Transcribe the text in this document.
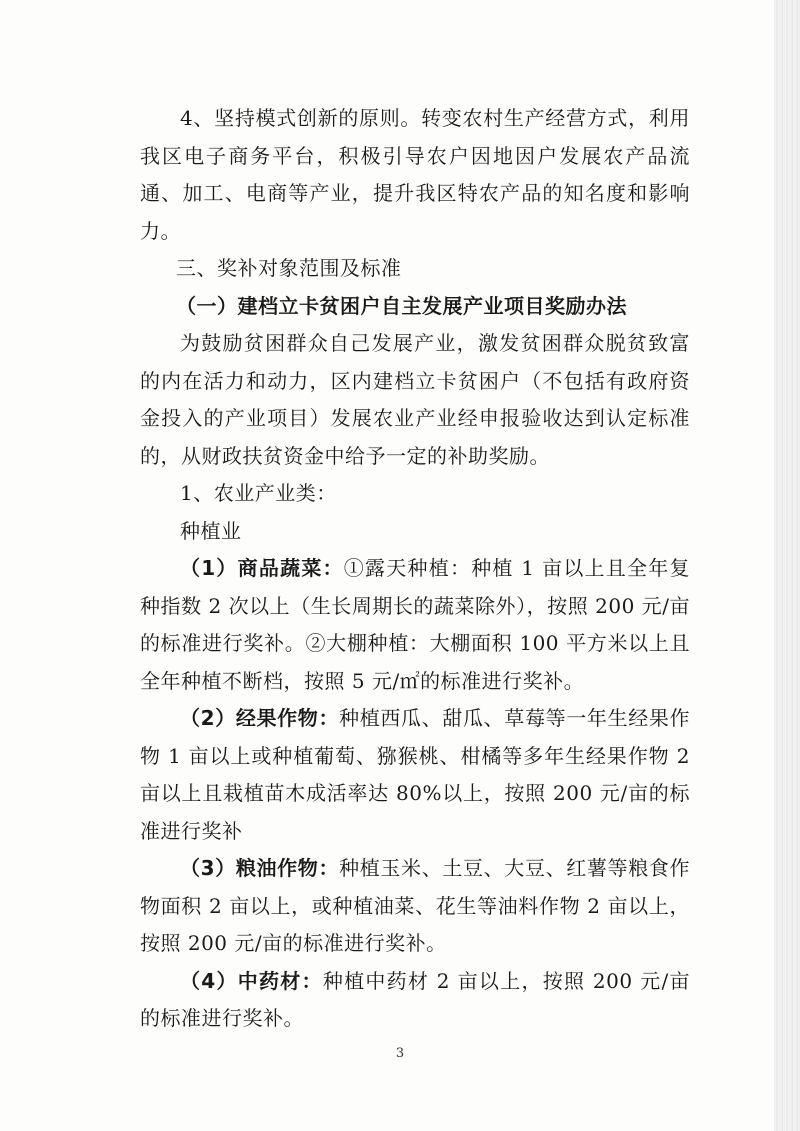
4、坚持模式创新的原则。转变农村生产经营方式，利用我区电子商务平台，积极引导农户因地因户发展农产品流通、加工、电商等产业，提升我区特农产品的知名度和影响力。

三、奖补对象范围及标准

（一）建档立卡贫困户自主发展产业项目奖励办法

为鼓励贫困群众自己发展产业，激发贫困群众脱贫致富的内在活力和动力，区内建档立卡贫困户（不包括有政府资金投入的产业项目）发展农业产业经申报验收达到认定标准的，从财政扶贫资金中给予一定的补助奖励。

1、农业产业类：

种植业

（1）商品蔬菜：①露天种植：种植 1 亩以上且全年复种指数 2 次以上（生长周期长的蔬菜除外），按照 200 元/亩的标准进行奖补。②大棚种植：大棚面积 100 平方米以上且全年种植不断档，按照 5 元/㎡的标准进行奖补。

（2）经果作物：种植西瓜、甜瓜、草莓等一年生经果作物 1 亩以上或种植葡萄、猕猴桃、柑橘等多年生经果作物 2 亩以上且栽植苗木成活率达 80%以上，按照 200 元/亩的标准进行奖补

（3）粮油作物：种植玉米、土豆、大豆、红薯等粮食作物面积 2 亩以上，或种植油菜、花生等油料作物 2 亩以上，按照 200 元/亩的标准进行奖补。

（4）中药材：种植中药材 2 亩以上，按照 200 元/亩的标准进行奖补。

3
